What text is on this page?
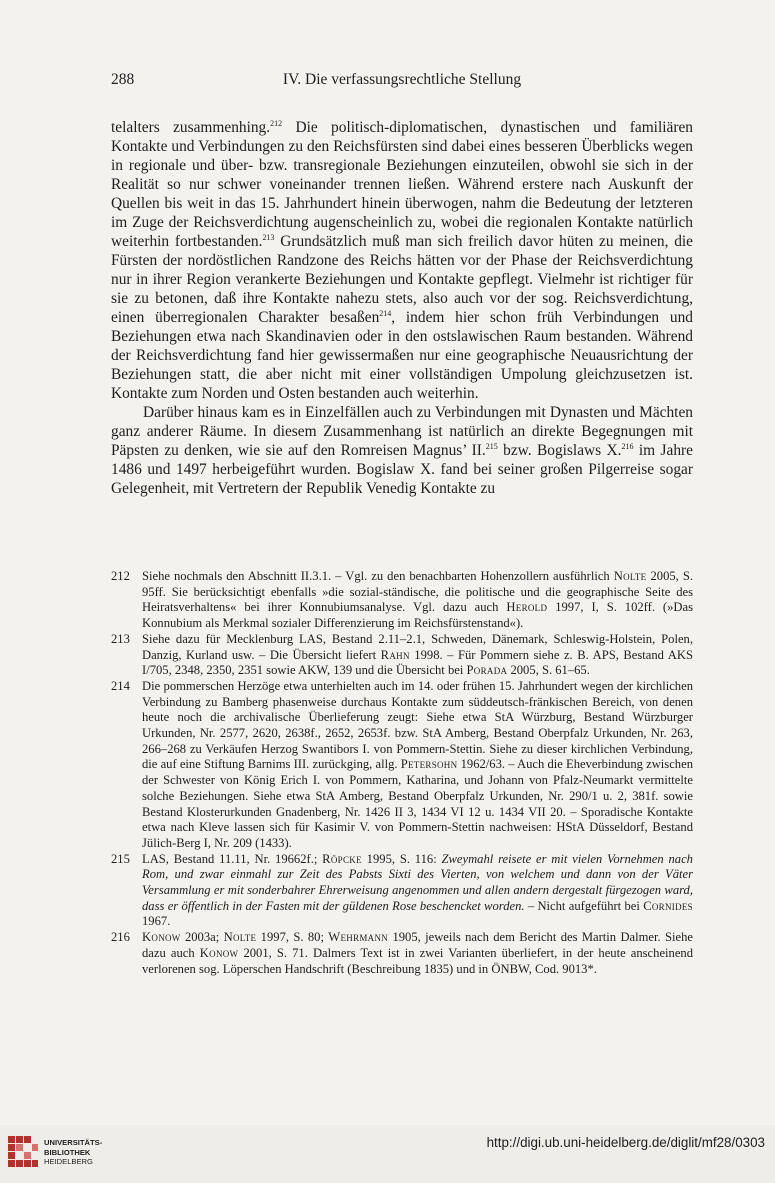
288	IV. Die verfassungsrechtliche Stellung

telalters zusammenhing.$^{212}$ Die politisch-diplomatischen, dynastischen und familiären Kontakte und Verbindungen zu den Reichsfürsten sind dabei eines besseren Überblicks wegen in regionale und über- bzw. transregionale Beziehungen einzuteilen, obwohl sie sich in der Realität so nur schwer voneinander trennen ließen. Während erstere nach Auskunft der Quellen bis weit in das 15. Jahrhundert hinein überwogen, nahm die Bedeutung der letzteren im Zuge der Reichsverdichtung augenscheinlich zu, wobei die regionalen Kontakte natürlich weiterhin fortbestanden.$^{213}$ Grundsätzlich muß man sich freilich davor hüten zu meinen, die Fürsten der nordöstlichen Randzone des Reichs hätten vor der Phase der Reichsverdichtung nur in ihrer Region verankerte Beziehungen und Kontakte gepflegt. Vielmehr ist richtiger für sie zu betonen, daß ihre Kontakte nahezu stets, also auch vor der sog. Reichsverdichtung, einen überregionalen Charakter besaßen$^{214}$, indem hier schon früh Verbindungen und Beziehungen etwa nach Skandinavien oder in den ostslawischen Raum bestanden. Während der Reichsverdichtung fand hier gewissermaßen nur eine geographische Neuausrichtung der Beziehungen statt, die aber nicht mit einer vollständigen Umpolung gleichzusetzen ist. Kontakte zum Norden und Osten bestanden auch weiterhin.

Darüber hinaus kam es in Einzelfällen auch zu Verbindungen mit Dynasten und Mächten ganz anderer Räume. In diesem Zusammenhang ist natürlich an direkte Begegnungen mit Päpsten zu denken, wie sie auf den Romreisen Magnus’ II.$^{215}$ bzw. Bogislaws X.$^{216}$ im Jahre 1486 und 1497 herbeigeführt wurden. Bogislaw X. fand bei seiner großen Pilgerreise sogar Gelegenheit, mit Vertretern der Republik Venedig Kontakte zu

212 Siehe nochmals den Abschnitt II.3.1. – Vgl. zu den benachbarten Hohenzollern ausführlich Nolte 2005, S. 95ff. Sie berücksichtigt ebenfalls »die sozial-ständische, die politische und die geographische Seite des Heiratsverhaltens« bei ihrer Konnubiumsanalyse. Vgl. dazu auch Herold 1997, I, S. 102ff. (»Das Konnubium als Merkmal sozialer Differenzierung im Reichsfürstenstand«).

213 Siehe dazu für Mecklenburg LAS, Bestand 2.11–2.1, Schweden, Dänemark, Schleswig-Holstein, Polen, Danzig, Kurland usw. – Die Übersicht liefert Rahn 1998. – Für Pommern siehe z. B. APS, Bestand AKS I/705, 2348, 2350, 2351 sowie AKW, 139 und die Übersicht bei Porada 2005, S. 61–65.

214 Die pommerschen Herzöge etwa unterhielten auch im 14. oder frühen 15. Jahrhundert wegen der kirchlichen Verbindung zu Bamberg phasenweise durchaus Kontakte zum süddeutsch-fränkischen Bereich, von denen heute noch die archivalische Überlieferung zeugt: Siehe etwa StA Würzburg, Bestand Würzburger Urkunden, Nr. 2577, 2620, 2638f., 2652, 2653f. bzw. StA Amberg, Bestand Oberpfalz Urkunden, Nr. 263, 266–268 zu Verkäufen Herzog Swantibors I. von Pommern-Stettin. Siehe zu dieser kirchlichen Verbindung, die auf eine Stiftung Barnims III. zurückging, allg. Petersohn 1962/63. – Auch die Eheverbindung zwischen der Schwester von König Erich I. von Pommern, Katharina, und Johann von Pfalz-Neumarkt vermittelte solche Beziehungen. Siehe etwa StA Amberg, Bestand Oberpfalz Urkunden, Nr. 290/1 u. 2, 381f. sowie Bestand Klosterurkunden Gnadenberg, Nr. 1426 II 3, 1434 VI 12 u. 1434 VII 20. – Sporadische Kontakte etwa nach Kleve lassen sich für Kasimir V. von Pommern-Stettin nachweisen: HStA Düsseldorf, Bestand Jülich-Berg I, Nr. 209 (1433).

215 LAS, Bestand 11.11, Nr. 19662f.; Röpcke 1995, S. 116: Zweymahl reisete er mit vielen Vornehmen nach Rom, und zwar einmahl zur Zeit des Pabsts Sixti des Vierten, von welchem und dann von der Väter Versammlung er mit sonderbahrer Ehrerweisung angenommen und allen andern dergestalt fürgezogen ward, dass er öffentlich in der Fasten mit der güldenen Rose beschencket worden. – Nicht aufgeführt bei Cornides 1967.

216 Konow 2003a; Nolte 1997, S. 80; Wehrmann 1905, jeweils nach dem Bericht des Martin Dalmer. Siehe dazu auch Konow 2001, S. 71. Dalmers Text ist in zwei Varianten überliefert, in der heute anscheinend verlorenen sog. Löperschen Handschrift (Beschreibung 1835) und in ÖNBW, Cod. 9013*.

UNIVERSITÄTS-
BIBLIOTHEK
HEIDELBERG
http://digi.ub.uni-heidelberg.de/diglit/mf28/0303
